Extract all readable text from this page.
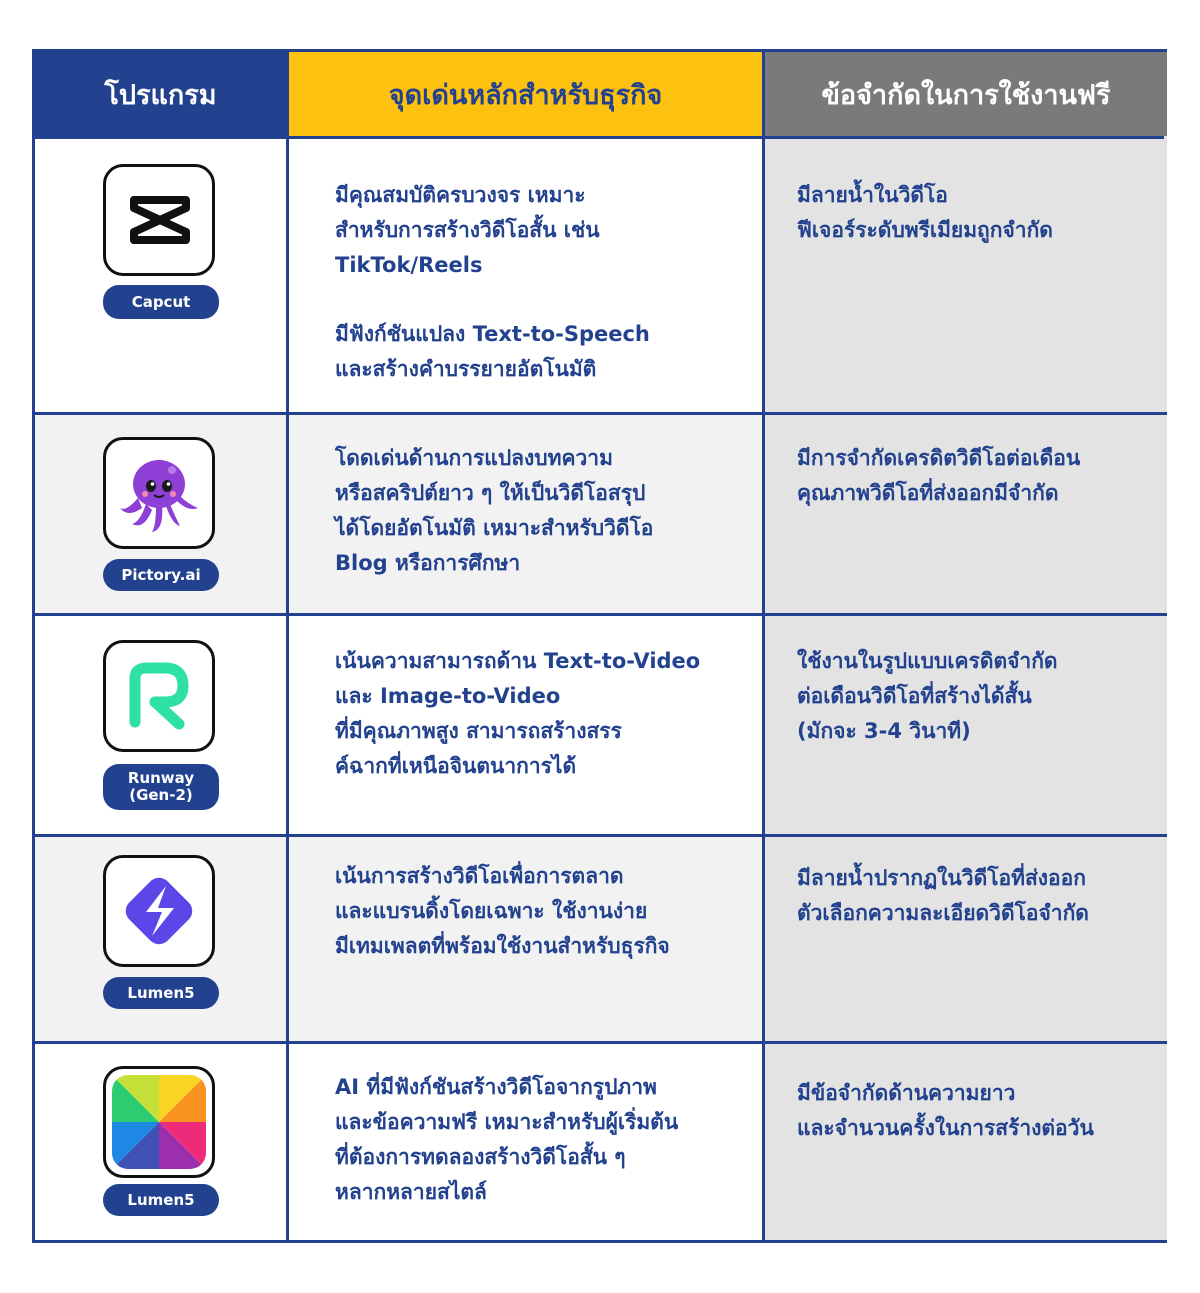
โปรแกรม	จุดเด่นหลักสำหรับธุรกิจ	ข้อจำกัดในการใช้งานฟรี
Capcut

มีคุณสมบัติครบวงจร เหมาะ
สำหรับการสร้างวิดีโอสั้น เช่น
TikTok/Reels

มีฟังก์ชันแปลง Text-to-Speech
และสร้างคำบรรยายอัตโนมัติ

มีลายน้ำในวิดีโอ
ฟีเจอร์ระดับพรีเมียมถูกจำกัด

Pictory.ai

โดดเด่นด้านการแปลงบทความ
หรือสคริปต์ยาว ๆ ให้เป็นวิดีโอสรุป
ได้โดยอัตโนมัติ เหมาะสำหรับวิดีโอ
Blog หรือการศึกษา

มีการจำกัดเครดิตวิดีโอต่อเดือน
คุณภาพวิดีโอที่ส่งออกมีจำกัด

Runway
(Gen-2)

เน้นความสามารถด้าน Text-to-Video
และ Image-to-Video
ที่มีคุณภาพสูง สามารถสร้างสรร
ค์ฉากที่เหนือจินตนาการได้

ใช้งานในรูปแบบเครดิตจำกัด
ต่อเดือนวิดีโอที่สร้างได้สั้น
(มักจะ 3-4 วินาที)

Lumen5

เน้นการสร้างวิดีโอเพื่อการตลาด
และแบรนดิ้งโดยเฉพาะ ใช้งานง่าย
มีเทมเพลตที่พร้อมใช้งานสำหรับธุรกิจ

มีลายน้ำปรากฏในวิดีโอที่ส่งออก
ตัวเลือกความละเอียดวิดีโอจำกัด

Lumen5

AI ที่มีฟังก์ชันสร้างวิดีโอจากรูปภาพ
และข้อความฟรี เหมาะสำหรับผู้เริ่มต้น
ที่ต้องการทดลองสร้างวิดีโอสั้น ๆ
หลากหลายสไตล์

มีข้อจำกัดด้านความยาว
และจำนวนครั้งในการสร้างต่อวัน
